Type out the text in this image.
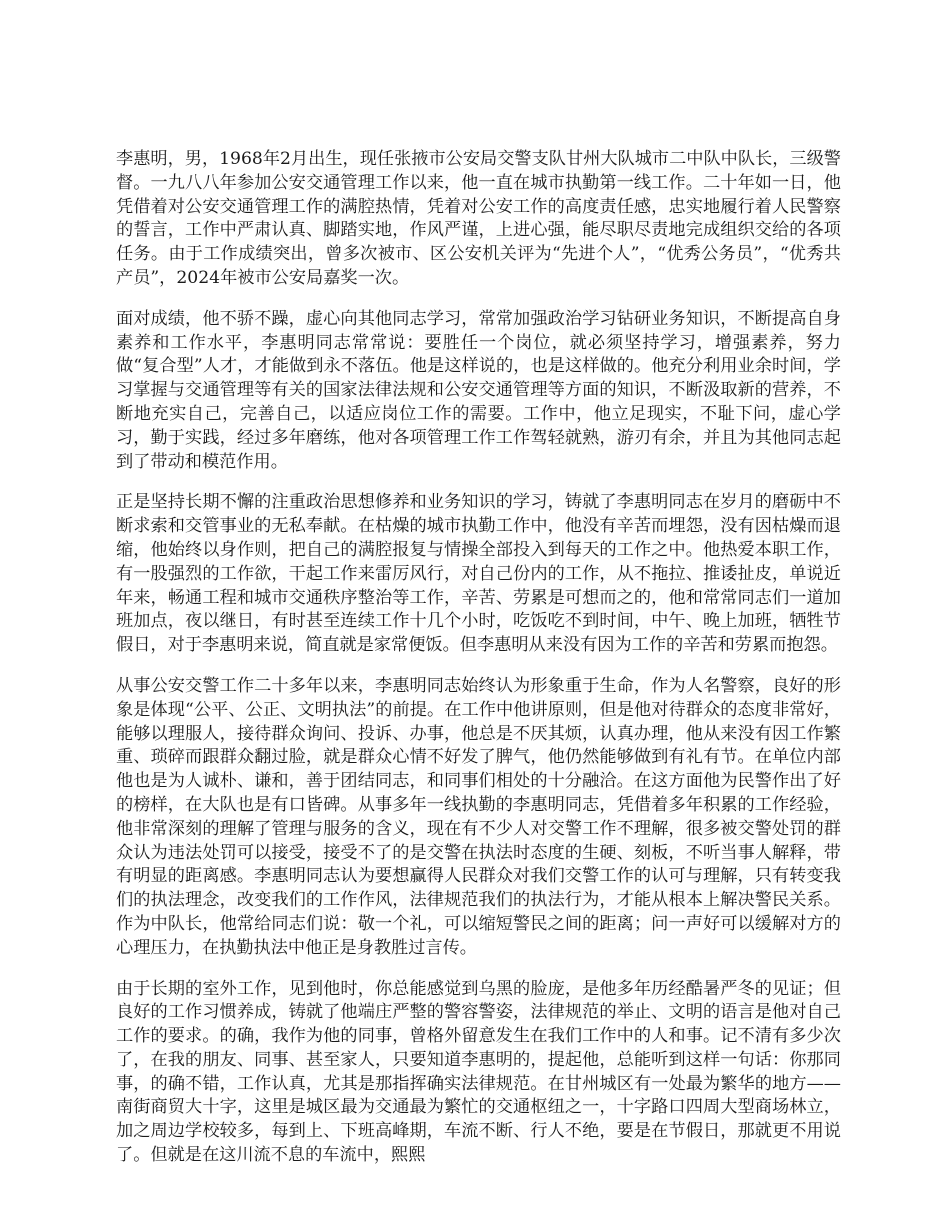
李惠明，男，1968年2月出生，现任张掖市公安局交警支队甘州大队城市二中队中队长，三级警督。一九八八年参加公安交通管理工作以来，他一直在城市执勤第一线工作。二十年如一日，他凭借着对公安交通管理工作的满腔热情，凭着对公安工作的高度责任感，忠实地履行着人民警察的誓言，工作中严肃认真、脚踏实地，作风严谨，上进心强，能尽职尽责地完成组织交给的各项任务。由于工作成绩突出，曾多次被市、区公安机关评为“先进个人”，“优秀公务员”，“优秀共产员”，2024年被市公安局嘉奖一次。

面对成绩，他不骄不躁，虚心向其他同志学习，常常加强政治学习钻研业务知识，不断提高自身素养和工作水平，李惠明同志常常说：要胜任一个岗位，就必须坚持学习，增强素养，努力做“复合型”人才，才能做到永不落伍。他是这样说的，也是这样做的。他充分利用业余时间，学习掌握与交通管理等有关的国家法律法规和公安交通管理等方面的知识，不断汲取新的营养，不断地充实自己，完善自己，以适应岗位工作的需要。工作中，他立足现实，不耻下问，虚心学习，勤于实践，经过多年磨练，他对各项管理工作工作驾轻就熟，游刃有余，并且为其他同志起到了带动和模范作用。

正是坚持长期不懈的注重政治思想修养和业务知识的学习，铸就了李惠明同志在岁月的磨砺中不断求索和交管事业的无私奉献。在枯燥的城市执勤工作中，他没有辛苦而埋怨，没有因枯燥而退缩，他始终以身作则，把自己的满腔报复与情操全部投入到每天的工作之中。他热爱本职工作，有一股强烈的工作欲，干起工作来雷厉风行，对自己份内的工作，从不拖拉、推诿扯皮，单说近年来，畅通工程和城市交通秩序整治等工作，辛苦、劳累是可想而之的，他和常常同志们一道加班加点，夜以继日，有时甚至连续工作十几个小时，吃饭吃不到时间，中午、晚上加班，牺牲节假日，对于李惠明来说，简直就是家常便饭。但李惠明从来没有因为工作的辛苦和劳累而抱怨。

从事公安交警工作二十多年以来，李惠明同志始终认为形象重于生命，作为人名警察，良好的形象是体现“公平、公正、文明执法”的前提。在工作中他讲原则，但是他对待群众的态度非常好，能够以理服人，接待群众询问、投诉、办事，他总是不厌其烦，认真办理，他从来没有因工作繁重、琐碎而跟群众翻过脸，就是群众心情不好发了脾气，他仍然能够做到有礼有节。在单位内部他也是为人诚朴、谦和，善于团结同志，和同事们相处的十分融洽。在这方面他为民警作出了好的榜样，在大队也是有口皆碑。从事多年一线执勤的李惠明同志，凭借着多年积累的工作经验，他非常深刻的理解了管理与服务的含义，现在有不少人对交警工作不理解，很多被交警处罚的群众认为违法处罚可以接受，接受不了的是交警在执法时态度的生硬、刻板，不听当事人解释，带有明显的距离感。李惠明同志认为要想赢得人民群众对我们交警工作的认可与理解，只有转变我们的执法理念，改变我们的工作作风，法律规范我们的执法行为，才能从根本上解决警民关系。作为中队长，他常给同志们说：敬一个礼，可以缩短警民之间的距离；问一声好可以缓解对方的心理压力，在执勤执法中他正是身教胜过言传。

由于长期的室外工作，见到他时，你总能感觉到乌黑的脸庞，是他多年历经酷暑严冬的见证；但良好的工作习惯养成，铸就了他端庄严整的警容警姿，法律规范的举止、文明的语言是他对自己工作的要求。的确，我作为他的同事，曾格外留意发生在我们工作中的人和事。记不清有多少次了，在我的朋友、同事、甚至家人，只要知道李惠明的，提起他，总能听到这样一句话：你那同事，的确不错，工作认真，尤其是那指挥确实法律规范。在甘州城区有一处最为繁华的地方——南街商贸大十字，这里是城区最为交通最为繁忙的交通枢纽之一，十字路口四周大型商场林立，加之周边学校较多，每到上、下班高峰期，车流不断、行人不绝，要是在节假日，那就更不用说了。但就是在这川流不息的车流中，熙熙
